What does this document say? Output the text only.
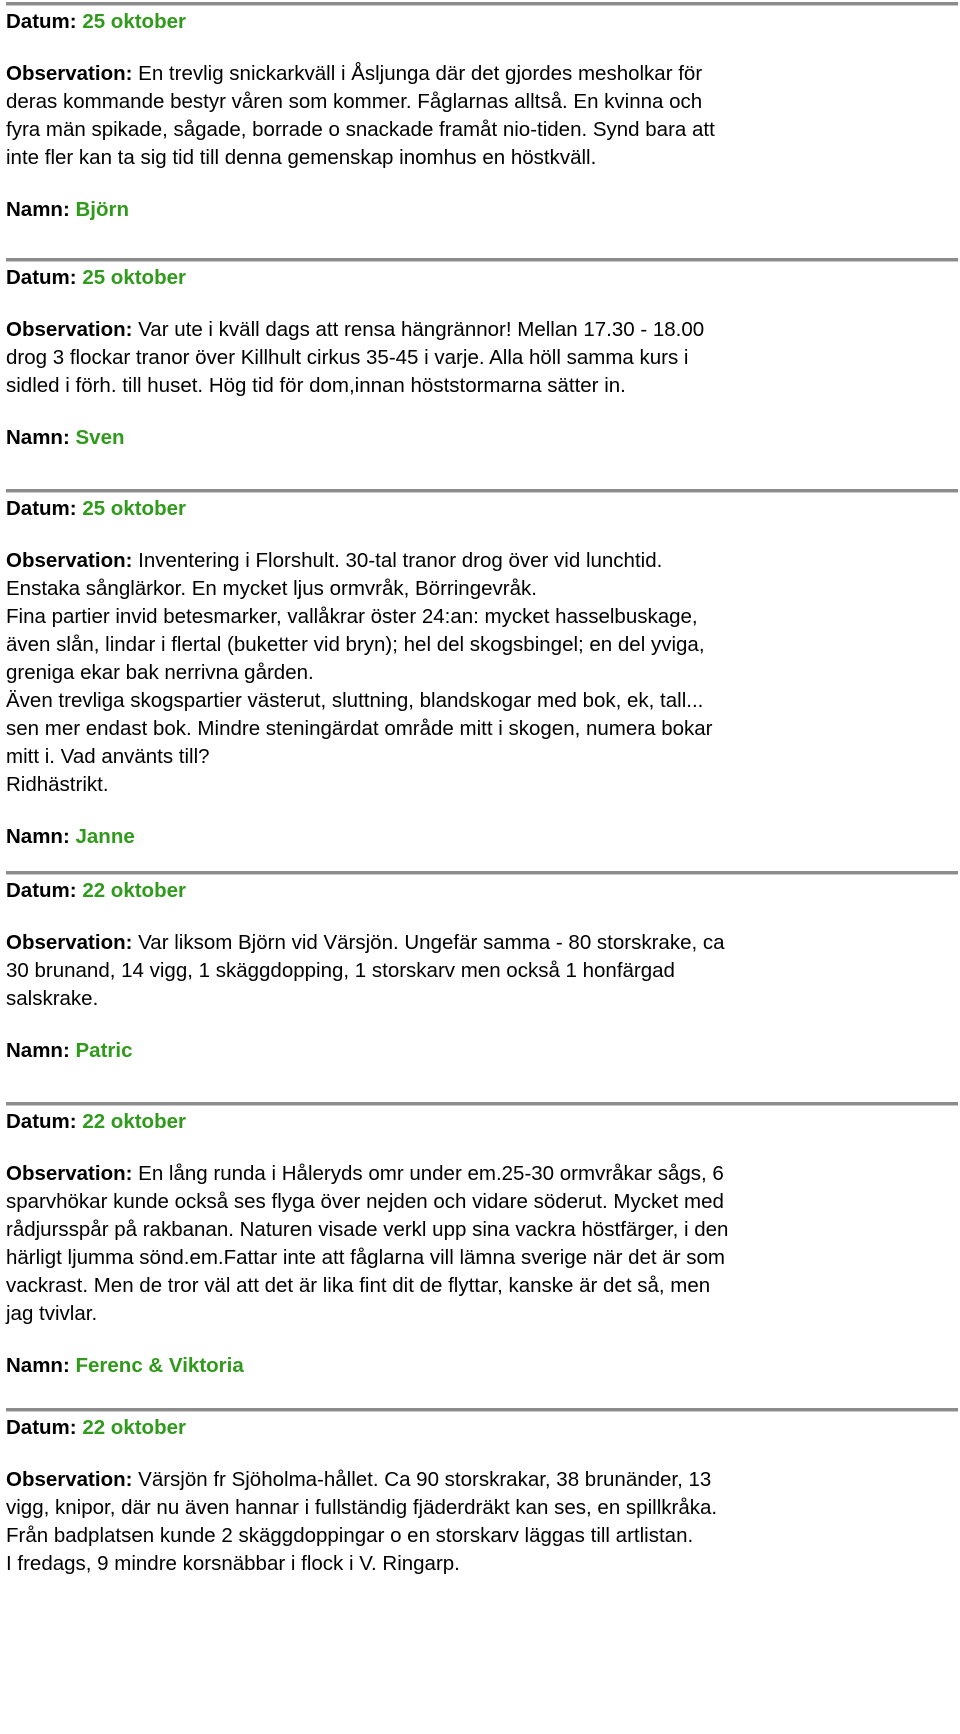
Datum: 25 oktober
Observation: En trevlig snickarkväll i Åsljunga där det gjordes mesholkar för
deras kommande bestyr våren som kommer. Fåglarnas alltså. En kvinna och
fyra män spikade, sågade, borrade o snackade framåt nio-tiden. Synd bara att
inte fler kan ta sig tid till denna gemenskap inomhus en höstkväll.
Namn: Björn
Datum: 25 oktober
Observation: Var ute i kväll dags att rensa hängrännor! Mellan 17.30 - 18.00
drog 3 flockar tranor över Killhult cirkus 35-45 i varje. Alla höll samma kurs i
sidled i förh. till huset. Hög tid för dom,innan höststormarna sätter in.
Namn: Sven
Datum: 25 oktober
Observation: Inventering i Florshult. 30-tal tranor drog över vid lunchtid.
Enstaka sånglärkor. En mycket ljus ormvråk, Börringevråk.
Fina partier invid betesmarker, vallåkrar öster 24:an: mycket hasselbuskage,
även slån, lindar i flertal (buketter vid bryn); hel del skogsbingel; en del yviga,
greniga ekar bak nerrivna gården.
Även trevliga skogspartier västerut, sluttning, blandskogar med bok, ek, tall...
sen mer endast bok. Mindre steningärdat område mitt i skogen, numera bokar
mitt i. Vad använts till?
Ridhästrikt.
Namn: Janne
Datum: 22 oktober
Observation: Var liksom Björn vid Värsjön. Ungefär samma - 80 storskrake, ca
30 brunand, 14 vigg, 1 skäggdopping, 1 storskarv men också 1 honfärgad
salskrake.
Namn: Patric
Datum: 22 oktober
Observation: En lång runda i Håleryds omr under em.25-30 ormvråkar sågs, 6
sparvhökar kunde också ses flyga över nejden och vidare söderut. Mycket med
rådjursspår på rakbanan. Naturen visade verkl upp sina vackra höstfärger, i den
härligt ljumma sönd.em.Fattar inte att fåglarna vill lämna sverige när det är som
vackrast. Men de tror väl att det är lika fint dit de flyttar, kanske är det så, men
jag tvivlar.
Namn: Ferenc & Viktoria
Datum: 22 oktober
Observation: Värsjön fr Sjöholma-hållet. Ca 90 storskrakar, 38 brunänder, 13
vigg, knipor, där nu även hannar i fullständig fjäderdräkt kan ses, en spillkråka.
Från badplatsen kunde 2 skäggdoppingar o en storskarv läggas till artlistan.
I fredags, 9 mindre korsnäbbar i flock i V. Ringarp.
